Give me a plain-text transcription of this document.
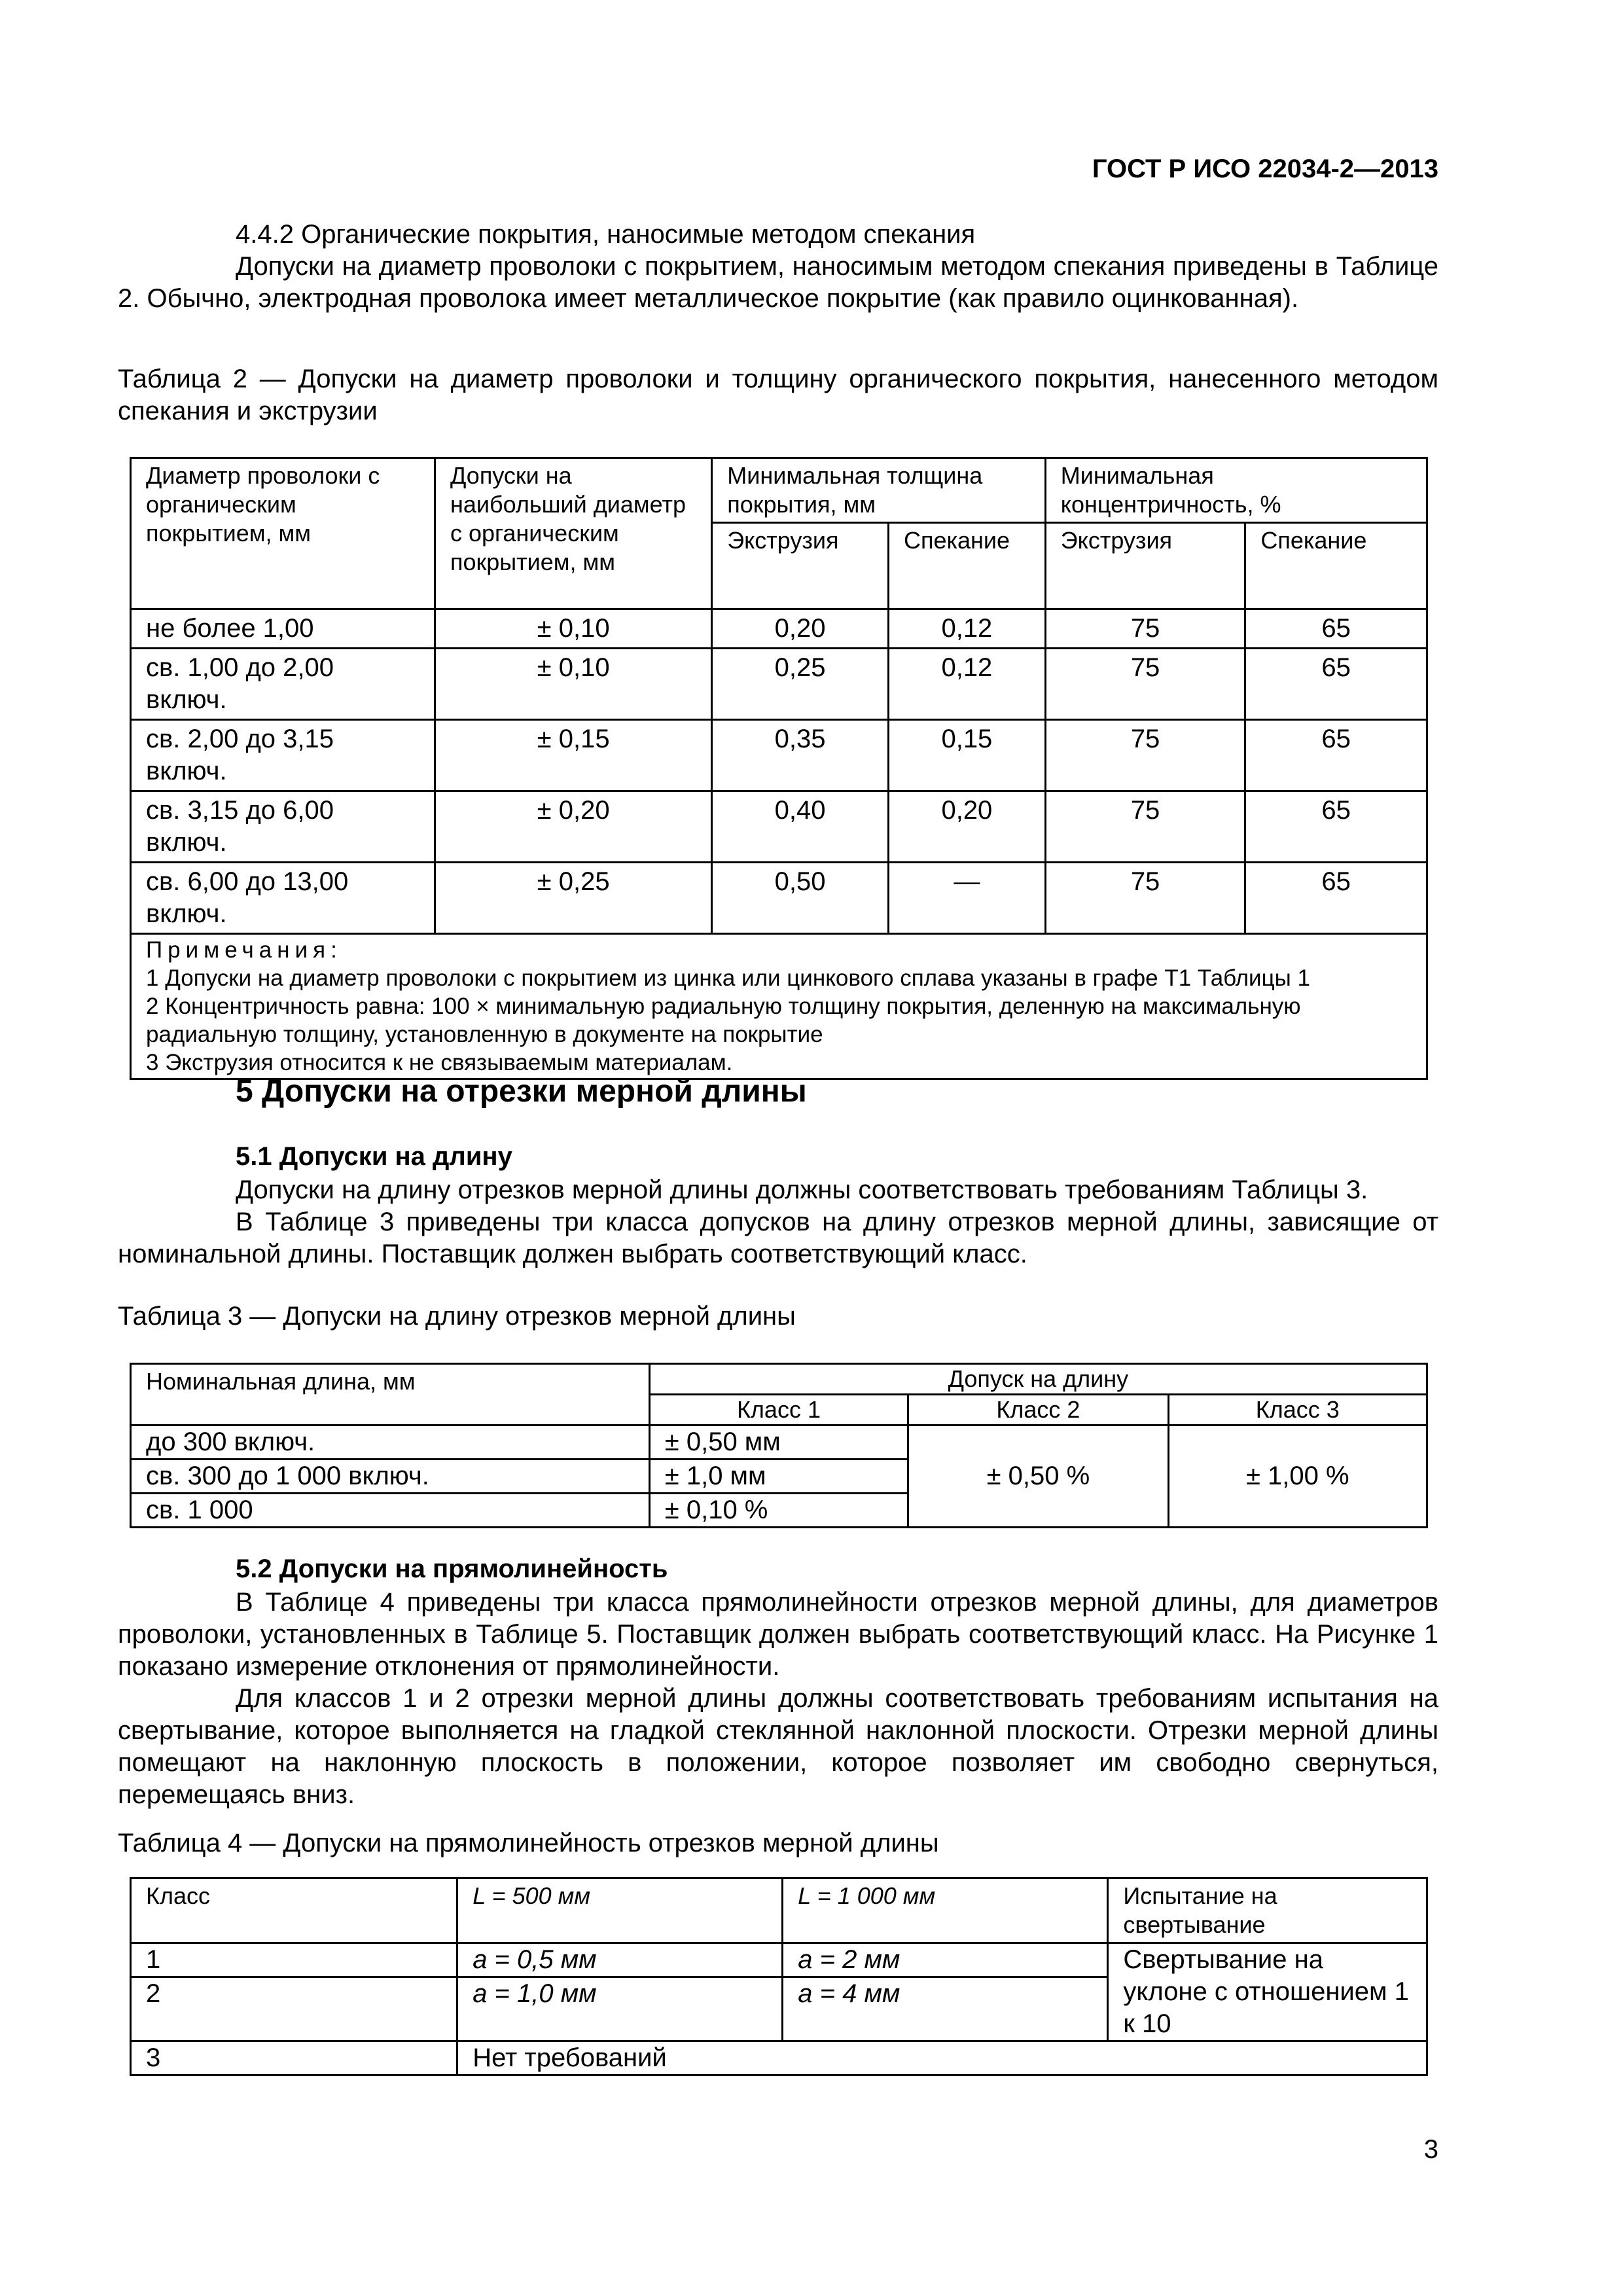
ГОСТ Р ИСО 22034-2—2013
4.4.2 Органические покрытия, наносимые методом спекания
Допуски на диаметр проволоки с покрытием, наносимым методом спекания приведены в Таблице 2. Обычно, электродная проволока имеет металлическое покрытие (как правило оцинкованная).
Таблица 2 — Допуски на диаметр проволоки и толщину органического покрытия, нанесенного методом спекания и экструзии
Диаметр проволоки с органическим покрытием, мм	Допуски на наибольший диаметр с органическим покрытием, мм	Минимальная толщина покрытия, мм		Минимальная концентричность, %	
		Экструзия	Спекание	Экструзия	Спекание
не более 1,00	± 0,10	0,20	0,12	75	65
св. 1,00 до 2,00 включ.	± 0,10	0,25	0,12	75	65
св. 2,00 до 3,15 включ.	± 0,15	0,35	0,15	75	65
св. 3,15 до 6,00 включ.	± 0,20	0,40	0,20	75	65
св. 6,00 до 13,00 включ.	± 0,25	0,50	—	75	65

Примечания:
1 Допуски на диаметр проволоки с покрытием из цинка или цинкового сплава указаны в графе Т1 Таблицы 1
2 Концентричность равна: 100 × минимальную радиальную толщину покрытия, деленную на максимальную радиальную толщину, установленную в документе на покрытие
3 Экструзия относится к не связываемым материалам.					
5 Допуски на отрезки мерной длины
5.1 Допуски на длину
Допуски на длину отрезков мерной длины должны соответствовать требованиям Таблицы 3.
В Таблице 3 приведены три класса допусков на длину отрезков мерной длины, зависящие от номинальной длины. Поставщик должен выбрать соответствующий класс.
Таблица 3 — Допуски на длину отрезков мерной длины
Номинальная длина, мм	Допуск на длину		
	Класс 1	Класс 2	Класс 3
до 300 включ.	± 0,50 мм	± 0,50 %	± 1,00 %
св. 300 до 1 000 включ.	± 1,0 мм		
св. 1 000	± 0,10 %		
5.2 Допуски на прямолинейность
В Таблице 4 приведены три класса прямолинейности отрезков мерной длины, для диаметров проволоки, установленных в Таблице 5. Поставщик должен выбрать соответствующий класс. На Рисунке 1 показано измерение отклонения от прямолинейности.
Для классов 1 и 2 отрезки мерной длины должны соответствовать требованиям испытания на свертывание, которое выполняется на гладкой стеклянной наклонной плоскости. Отрезки мерной длины помещают на наклонную плоскость в положении, которое позволяет им свободно свернуться, перемещаясь вниз.
Таблица 4 — Допуски на прямолинейность отрезков мерной длины
Класс	L = 500 мм	L = 1 000 мм	Испытание на свертывание
1	a = 0,5 мм	a = 2 мм	Свертывание на уклоне с отношением 1 к 10
2	a = 1,0 мм	a = 4 мм	
3	Нет требований		
3
